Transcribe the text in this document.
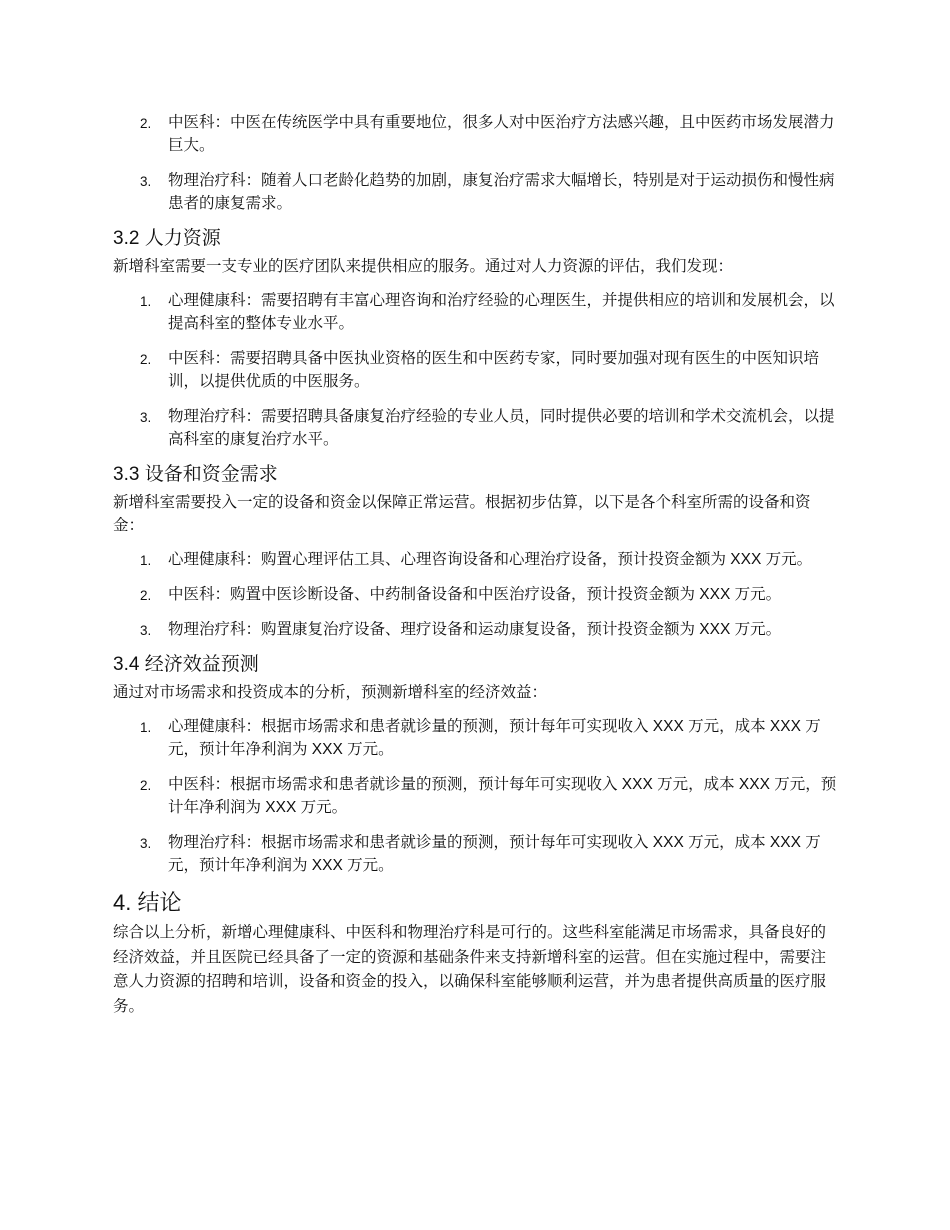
2. 中医科：中医在传统医学中具有重要地位，很多人对中医治疗方法感兴趣，且中医药市场发展潜力巨大。
3. 物理治疗科：随着人口老龄化趋势的加剧，康复治疗需求大幅增长，特别是对于运动损伤和慢性病患者的康复需求。
3.2 人力资源

新增科室需要一支专业的医疗团队来提供相应的服务。通过对人力资源的评估，我们发现：

1. 心理健康科：需要招聘有丰富心理咨询和治疗经验的心理医生，并提供相应的培训和发展机会，以提高科室的整体专业水平。
2. 中医科：需要招聘具备中医执业资格的医生和中医药专家，同时要加强对现有医生的中医知识培训，以提供优质的中医服务。
3. 物理治疗科：需要招聘具备康复治疗经验的专业人员，同时提供必要的培训和学术交流机会，以提高科室的康复治疗水平。
3.3 设备和资金需求

新增科室需要投入一定的设备和资金以保障正常运营。根据初步估算，以下是各个科室所需的设备和资金：

1. 心理健康科：购置心理评估工具、心理咨询设备和心理治疗设备，预计投资金额为 XXX 万元。
2. 中医科：购置中医诊断设备、中药制备设备和中医治疗设备，预计投资金额为 XXX 万元。
3. 物理治疗科：购置康复治疗设备、理疗设备和运动康复设备，预计投资金额为 XXX 万元。
3.4 经济效益预测

通过对市场需求和投资成本的分析，预测新增科室的经济效益：

1. 心理健康科：根据市场需求和患者就诊量的预测，预计每年可实现收入 XXX 万元，成本 XXX 万元，预计年净利润为 XXX 万元。
2. 中医科：根据市场需求和患者就诊量的预测，预计每年可实现收入 XXX 万元，成本 XXX 万元，预计年净利润为 XXX 万元。
3. 物理治疗科：根据市场需求和患者就诊量的预测，预计每年可实现收入 XXX 万元，成本 XXX 万元，预计年净利润为 XXX 万元。
4. 结论

综合以上分析，新增心理健康科、中医科和物理治疗科是可行的。这些科室能满足市场需求，具备良好的经济效益，并且医院已经具备了一定的资源和基础条件来支持新增科室的运营。但在实施过程中，需要注意人力资源的招聘和培训，设备和资金的投入，以确保科室能够顺利运营，并为患者提供高质量的医疗服务。
